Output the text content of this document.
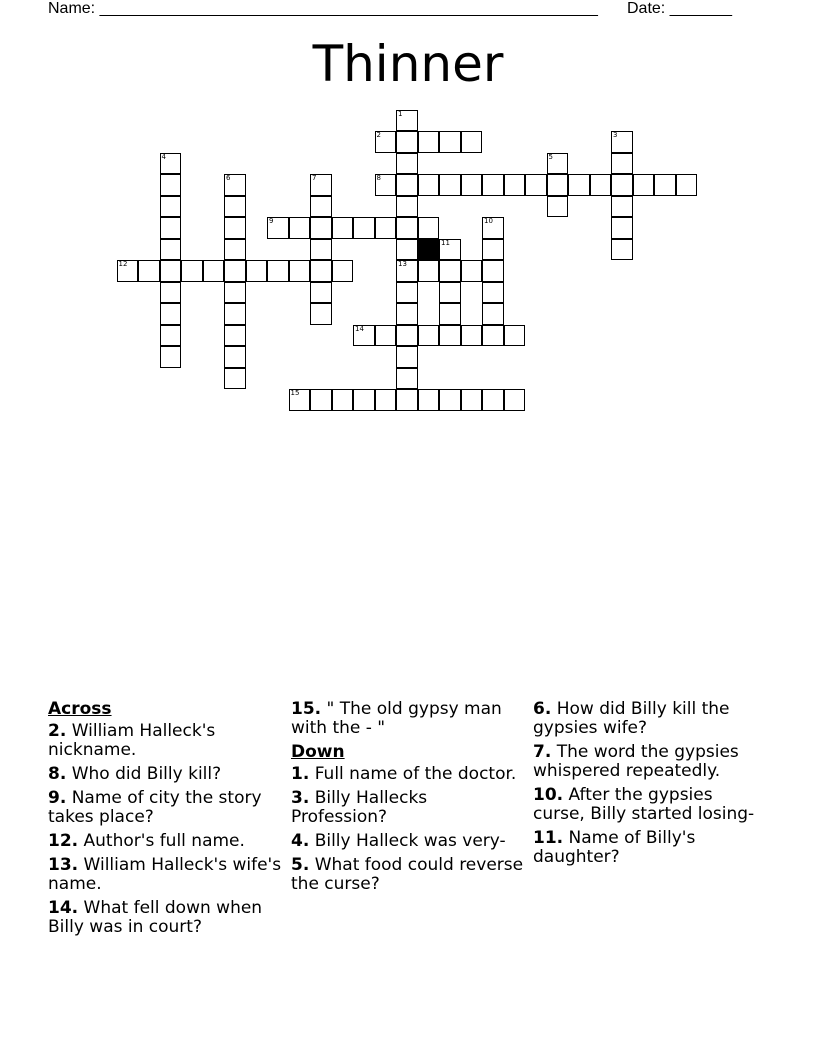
Name: ________________________________________________________ Date: _______
Thinner
1
13
2	3
4	5
6	7	8
9	10
11
12
14
15
Across
2. William Halleck's nickname.
8. Who did Billy kill?
9. Name of city the story takes place?
12. Author's full name.
13. William Halleck's wife's name.
14. What fell down when Billy was in court?
15. " The old gypsy man with the - "
Down
1. Full name of the doctor.
3. Billy Hallecks Profession?
4. Billy Halleck was very-
5. What food could reverse the curse?
6. How did Billy kill the gypsies wife?
7. The word the gypsies whispered repeatedly.
10. After the gypsies curse, Billy started losing-
11. Name of Billy's daughter?
